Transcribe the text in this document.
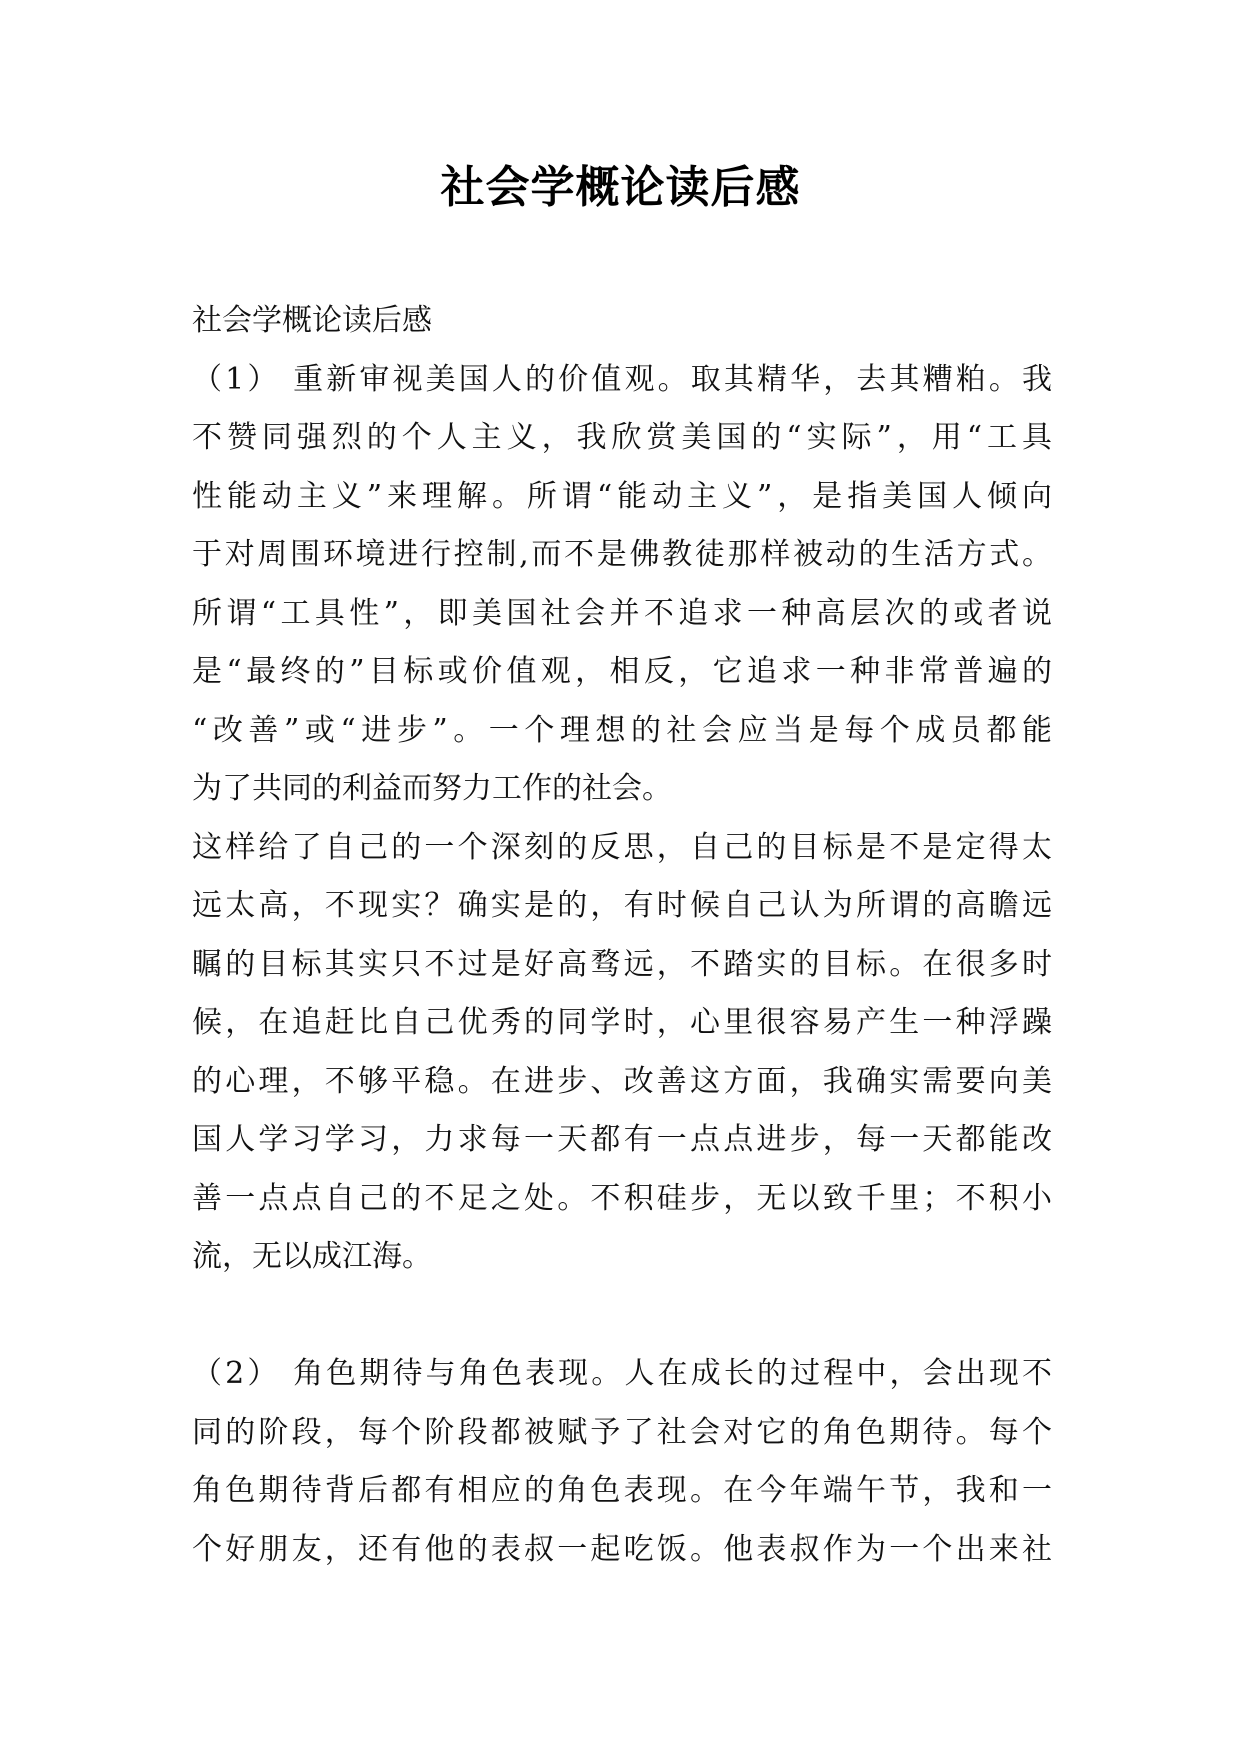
社会学概论读后感
社会学概论读后感
（1） 重新审视美国人的价值观。取其精华，去其糟粕。我
不赞同强烈的个人主义，我欣赏美国的“实际”，用“工具
性能动主义”来理解。所谓“能动主义”，是指美国人倾向
于对周围环境进行控制,而不是佛教徒那样被动的生活方式。
所谓“工具性”，即美国社会并不追求一种高层次的或者说
是“最终的”目标或价值观，相反，它追求一种非常普遍的
“改善”或“进步”。一个理想的社会应当是每个成员都能
为了共同的利益而努力工作的社会。
这样给了自己的一个深刻的反思，自己的目标是不是定得太
远太高，不现实？确实是的，有时候自己认为所谓的高瞻远
瞩的目标其实只不过是好高骛远，不踏实的目标。在很多时
候，在追赶比自己优秀的同学时，心里很容易产生一种浮躁
的心理，不够平稳。在进步、改善这方面，我确实需要向美
国人学习学习，力求每一天都有一点点进步，每一天都能改
善一点点自己的不足之处。不积硅步，无以致千里；不积小
流，无以成江海。
（2） 角色期待与角色表现。人在成长的过程中，会出现不
同的阶段，每个阶段都被赋予了社会对它的角色期待。每个
角色期待背后都有相应的角色表现。在今年端午节，我和一
个好朋友，还有他的表叔一起吃饭。他表叔作为一个出来社
